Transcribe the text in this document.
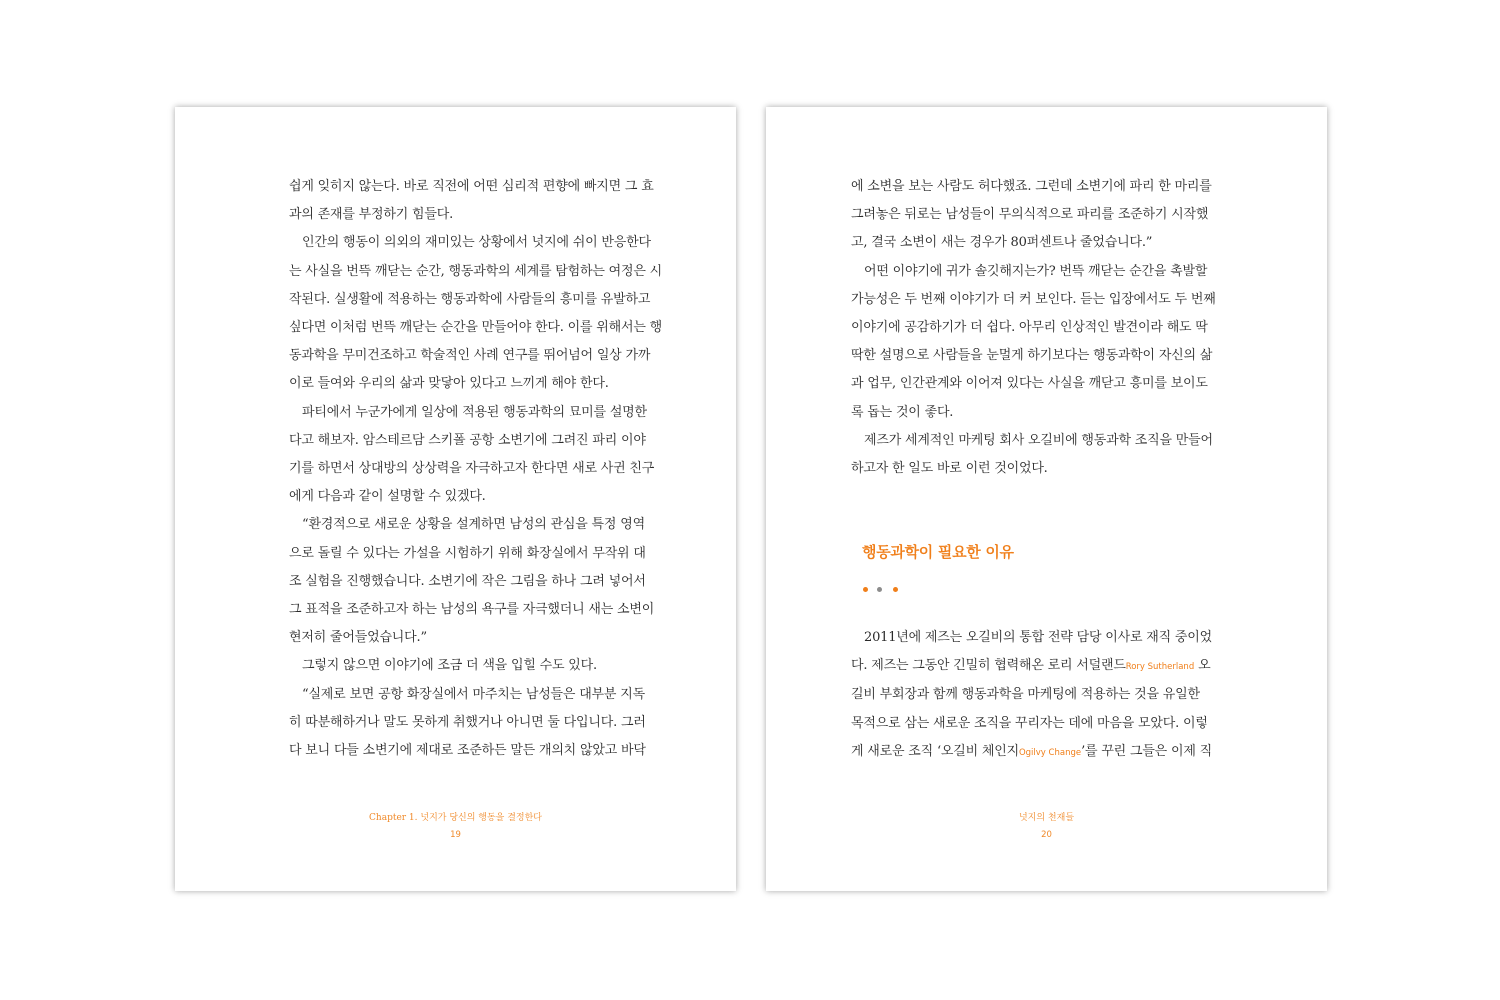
쉽게 잊히지 않는다. 바로 직전에 어떤 심리적 편향에 빠지면 그 효

과의 존재를 부정하기 힘들다.

인간의 행동이 의외의 재미있는 상황에서 넛지에 쉬이 반응한다

는 사실을 번뜩 깨닫는 순간, 행동과학의 세계를 탐험하는 여정은 시

작된다. 실생활에 적용하는 행동과학에 사람들의 흥미를 유발하고

싶다면 이처럼 번뜩 깨닫는 순간을 만들어야 한다. 이를 위해서는 행

동과학을 무미건조하고 학술적인 사례 연구를 뛰어넘어 일상 가까

이로 들여와 우리의 삶과 맞닿아 있다고 느끼게 해야 한다.

파티에서 누군가에게 일상에 적용된 행동과학의 묘미를 설명한

다고 해보자. 암스테르담 스키폴 공항 소변기에 그려진 파리 이야

기를 하면서 상대방의 상상력을 자극하고자 한다면 새로 사귄 친구

에게 다음과 같이 설명할 수 있겠다.

“환경적으로 새로운 상황을 설계하면 남성의 관심을 특정 영역

으로 돌릴 수 있다는 가설을 시험하기 위해 화장실에서 무작위 대

조 실험을 진행했습니다. 소변기에 작은 그림을 하나 그려 넣어서

그 표적을 조준하고자 하는 남성의 욕구를 자극했더니 새는 소변이

현저히 줄어들었습니다.”

그렇지 않으면 이야기에 조금 더 색을 입힐 수도 있다.

“실제로 보면 공항 화장실에서 마주치는 남성들은 대부분 지독

히 따분해하거나 말도 못하게 취했거나 아니면 둘 다입니다. 그러

다 보니 다들 소변기에 제대로 조준하든 말든 개의치 않았고 바닥

Chapter 1. 넛지가 당신의 행동을 결정한다
19

에 소변을 보는 사람도 허다했죠. 그런데 소변기에 파리 한 마리를

그려놓은 뒤로는 남성들이 무의식적으로 파리를 조준하기 시작했

고, 결국 소변이 새는 경우가 80퍼센트나 줄었습니다.”

어떤 이야기에 귀가 솔깃해지는가? 번뜩 깨닫는 순간을 촉발할

가능성은 두 번째 이야기가 더 커 보인다. 듣는 입장에서도 두 번째

이야기에 공감하기가 더 쉽다. 아무리 인상적인 발견이라 해도 딱

딱한 설명으로 사람들을 눈멀게 하기보다는 행동과학이 자신의 삶

과 업무, 인간관계와 이어져 있다는 사실을 깨닫고 흥미를 보이도

록 돕는 것이 좋다.

제즈가 세계적인 마케팅 회사 오길비에 행동과학 조직을 만들어

하고자 한 일도 바로 이런 것이었다.

행동과학이 필요한 이유

2011년에 제즈는 오길비의 통합 전략 담당 이사로 재직 중이었

다. 제즈는 그동안 긴밀히 협력해온 로리 서덜랜드Rory Sutherland 오

길비 부회장과 함께 행동과학을 마케팅에 적용하는 것을 유일한

목적으로 삼는 새로운 조직을 꾸리자는 데에 마음을 모았다. 이렇

게 새로운 조직 ‘오길비 체인지Ogilvy Change’를 꾸린 그들은 이제 직

넛지의 천재들
20
